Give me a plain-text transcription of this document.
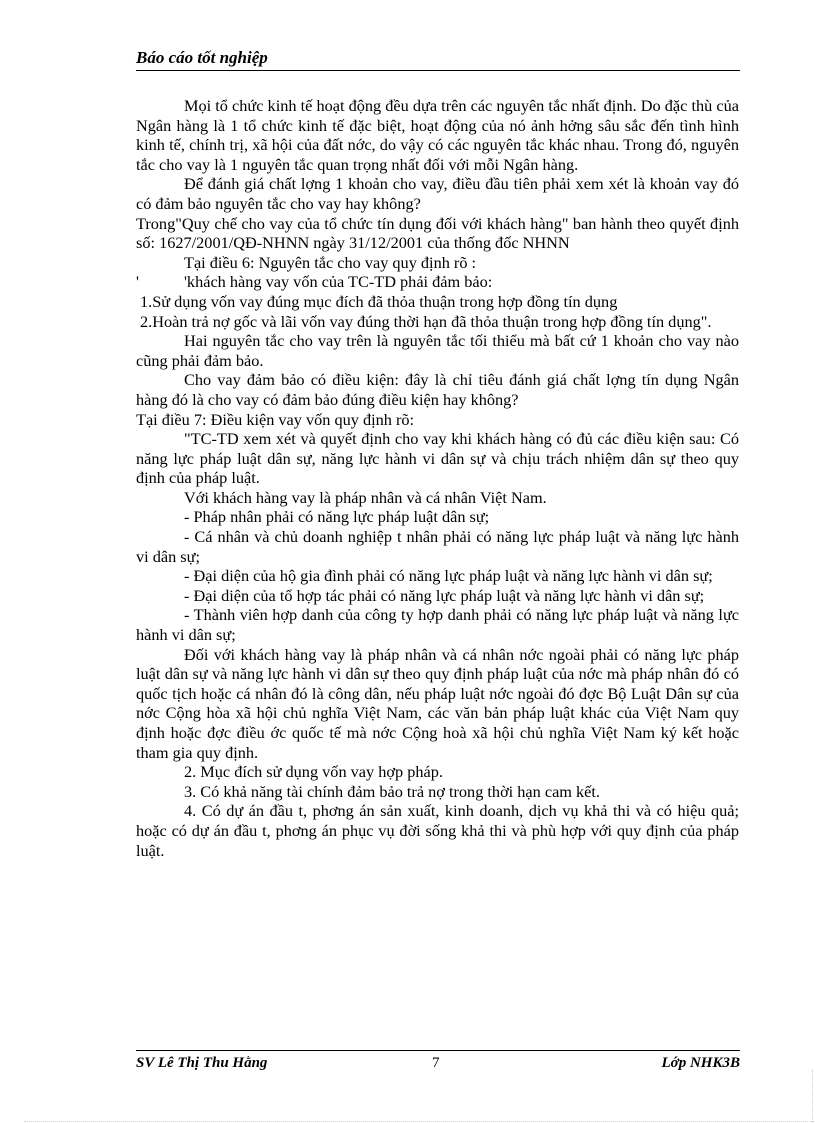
Báo cáo tốt nghiệp

Mọi tổ chức kinh tế hoạt động đều dựa trên các nguyên tắc nhất định. Do đặc thù của Ngân hàng là 1 tổ chức kinh tế đặc biệt, hoạt động của nó ảnh hởng sâu sắc đến tình hình kinh tế, chính trị, xã hội của đất nớc, do vậy có các nguyên tắc khác nhau. Trong đó, nguyên tắc cho vay là 1 nguyên tắc quan trọng nhất đối với mỗi Ngân hàng.

Để đánh giá chất lợng 1 khoản cho vay, điều đầu tiên phải xem xét là khoản vay đó có đảm bảo nguyên tắc cho vay hay không?

Trong"Quy chế cho vay của tổ chức tín dụng đối với khách hàng" ban hành theo quyết định số: 1627/2001/QĐ-NHNN ngày 31/12/2001 của thống đốc NHNN

Tại điều 6: Nguyên tắc cho vay quy định rõ :

'	'khách hàng vay vốn của TC-TD phải đảm bảo:

1.Sử dụng vốn vay đúng mục đích đã thỏa thuận trong hợp đồng tín dụng

2.Hoàn trả nợ gốc và lãi vốn vay đúng thời hạn đã thỏa thuận trong hợp đồng tín dụng".

Hai nguyên tắc cho vay trên là nguyên tắc tối thiểu mà bất cứ 1 khoản cho vay nào cũng phải đảm bảo.

Cho vay đảm bảo có điều kiện: đây là chỉ tiêu đánh giá chất lợng tín dụng Ngân hàng đó là cho vay có đảm bảo đúng điều kiện hay không?

Tại điều 7: Điều kiện vay vốn quy định rõ:

"TC-TD xem xét và quyết định cho vay khi khách hàng có đủ các điều kiện sau: Có năng lực pháp luật dân sự, năng lực hành vi dân sự và chịu trách nhiệm dân sự theo quy định của pháp luật.

Với khách hàng vay là pháp nhân và cá nhân Việt Nam.

- Pháp nhân phải có năng lực pháp luật dân sự;

- Cá nhân và chủ doanh nghiệp t nhân phải có năng lực pháp luật và năng lực hành vi dân sự;

- Đại diện của hộ gia đình phải có năng lực pháp luật và năng lực hành vi dân sự;

- Đại diện của tổ hợp tác phải có năng lực pháp luật và năng lực hành vi dân sự;

- Thành viên hợp danh của công ty hợp danh phải có năng lực pháp luật và năng lực hành vi dân sự;

Đối với khách hàng vay là pháp nhân và cá nhân nớc ngoài phải có năng lực pháp luật dân sự và năng lực hành vi dân sự theo quy định pháp luật của nớc mà pháp nhân đó có quốc tịch hoặc cá nhân đó là công dân, nếu pháp luật nớc ngoài đó đợc Bộ Luật Dân sự của nớc Cộng hòa xã hội chủ nghĩa Việt Nam, các văn bản pháp luật khác của Việt Nam quy định hoặc đợc điều ớc quốc tế mà nớc Cộng hoà xã hội chủ nghĩa Việt Nam ký kết hoặc tham gia quy định.

2. Mục đích sử dụng vốn vay hợp pháp.

3. Có khả năng tài chính đảm bảo trả nợ trong thời hạn cam kết.

4. Có dự án đầu t, phơng án sản xuất, kinh doanh, dịch vụ khả thi và có hiệu quả; hoặc có dự án đầu t, phơng án phục vụ đời sống khả thi và phù hợp với quy định của pháp luật.

SV Lê Thị Thu Hằng	7	Lớp NHK3B
